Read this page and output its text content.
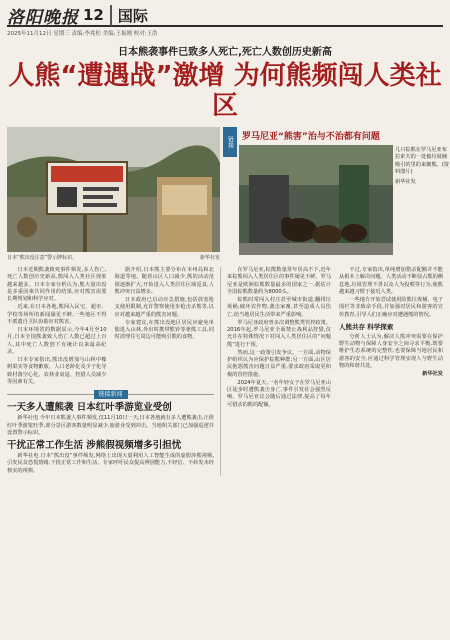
洛阳晚报 12 国际
2025年11月12日 星期三 责编:李兆松 美编:王振刚 校对:王浩
日本熊袭事件已致多人死亡,死亡人数创历史新高
人熊“遭遇战”激增 为何熊频闯人类社区
日本“熊出没注意”警示牌标识。	新华社发
链接 罗马尼亚“熊害”治与不治都有问题
几只棕熊在罗马尼亚布拉索夫的一处被垃圾桶吸引的里的来聚熊。(资料图片)
新华社发

日本近期熊袭致死事件频发,多人伤亡,死亡人数创历史新高,熊闯入人类社区现象越来越多。日本专家分析认为,熊大量出没是多重因素共同作用的结果,应对熊害需要长期规划和科学应对。

近来,在日本各地,熊闯入民宅、超市、学校等场所的新闻屡见不鲜,一些地区不得不派遣自卫队协助应对熊害。

日本环境省的数据显示,今年4月至10月,日本全国熊袭致人伤亡人数已超过上百人,其中死亡人数创下有统计以来最高纪录。

日本专家指出,熊出没增加与山林中橡树果实等食物歉收、人口老龄化及少子化导致村落空心化、农林业衰退、狩猎人员减少等因素有关。

据介绍,日本熊主要分布在本州岛和北海道等地。随着山区人口减少,熊的活动范围逐渐扩大,开始进入人类居住区域觅食,人熊冲突日益增多。

日本政府已启动应急措施,包括放宽枪支使用限制,允许警察使用步枪击杀熊等,以应对越来越严重的熊害问题。

专家建议,在熊出没地区居民应避免单独进入山林,外出时携带熊铃等驱熊工具,同时清理住宅周边可能吸引熊的食物。

链接新闻
一天多人遭熊袭 日本红叶季游览业受创

新华社电 今年日本熊袭人事件频发,仅11月10日一天,日本各地就有多人遭熊袭击,正值红叶季游览旺季,部分景区游客数量明显减少,旅游业受到冲击。当地相关部门已加强巡逻并设置警示标识。

干扰正常工作生活 涉熊假视频增多引担忧

新华社电 日本“熊出没”事件频发,网络上出现大量利用人工智能生成的虚假涉熊视频,引发民众恐慌情绪,干扰正常工作和生活。专家呼吁民众提高辨别能力,不轻信、不转发未经核实的视频。

在罗马尼亚,棕熊数量常年居高不下,近年来棕熊闯入人类居住区的事件屡见不鲜。罗马尼亚是欧洲棕熊数量最多的国家之一,据估计全国棕熊数量约为8000头。

棕熊时常闯入村庄甚至城市街道,翻找垃圾桶,破坏农作物,袭击家畜,甚至造成人员伤亡,给当地居民生活带来严重影响。

罗马尼亚政府曾多次调整熊类管控政策。2016年起,罗马尼亚全面禁止战利品狩猎,仅允许在特殊情况下对闯入人类居住区的“问题熊”进行干预。

然而,这一政策引发争议。一方面,动物保护组织认为应保护棕熊种群;另一方面,山区居民抱怨熊害问题日益严重,要求政府采取更积极的管控措施。

2024年夏天,一名年轻女子在罗马尼亚山区徒步时遭熊袭击身亡,事件引发社会强烈反响。罗马尼亚议会随后通过法律,提高了每年可猎杀的熊的配额。

不过,专家指出,单纯增加猎杀配额并不能从根本上解决问题。人类活动不断侵占熊的栖息地,垃圾管理不善以及人为投喂等行为,使熊越来越习惯于接近人类。

一些地方开始尝试使用防熊垃圾桶、电子围栏等非致命手段,并加强对居民和游客的宣传教育,引导人们正确应对遭遇熊的情况。

人熊共存 科学探索

分析人士认为,解决人熊冲突需要在保护野生动物与保障人身安全之间寻求平衡,既要维护生态系统的完整性,也要保障当地居民和游客的安全,应通过科学管理实现人与野生动物的和谐共处。

新华社发
